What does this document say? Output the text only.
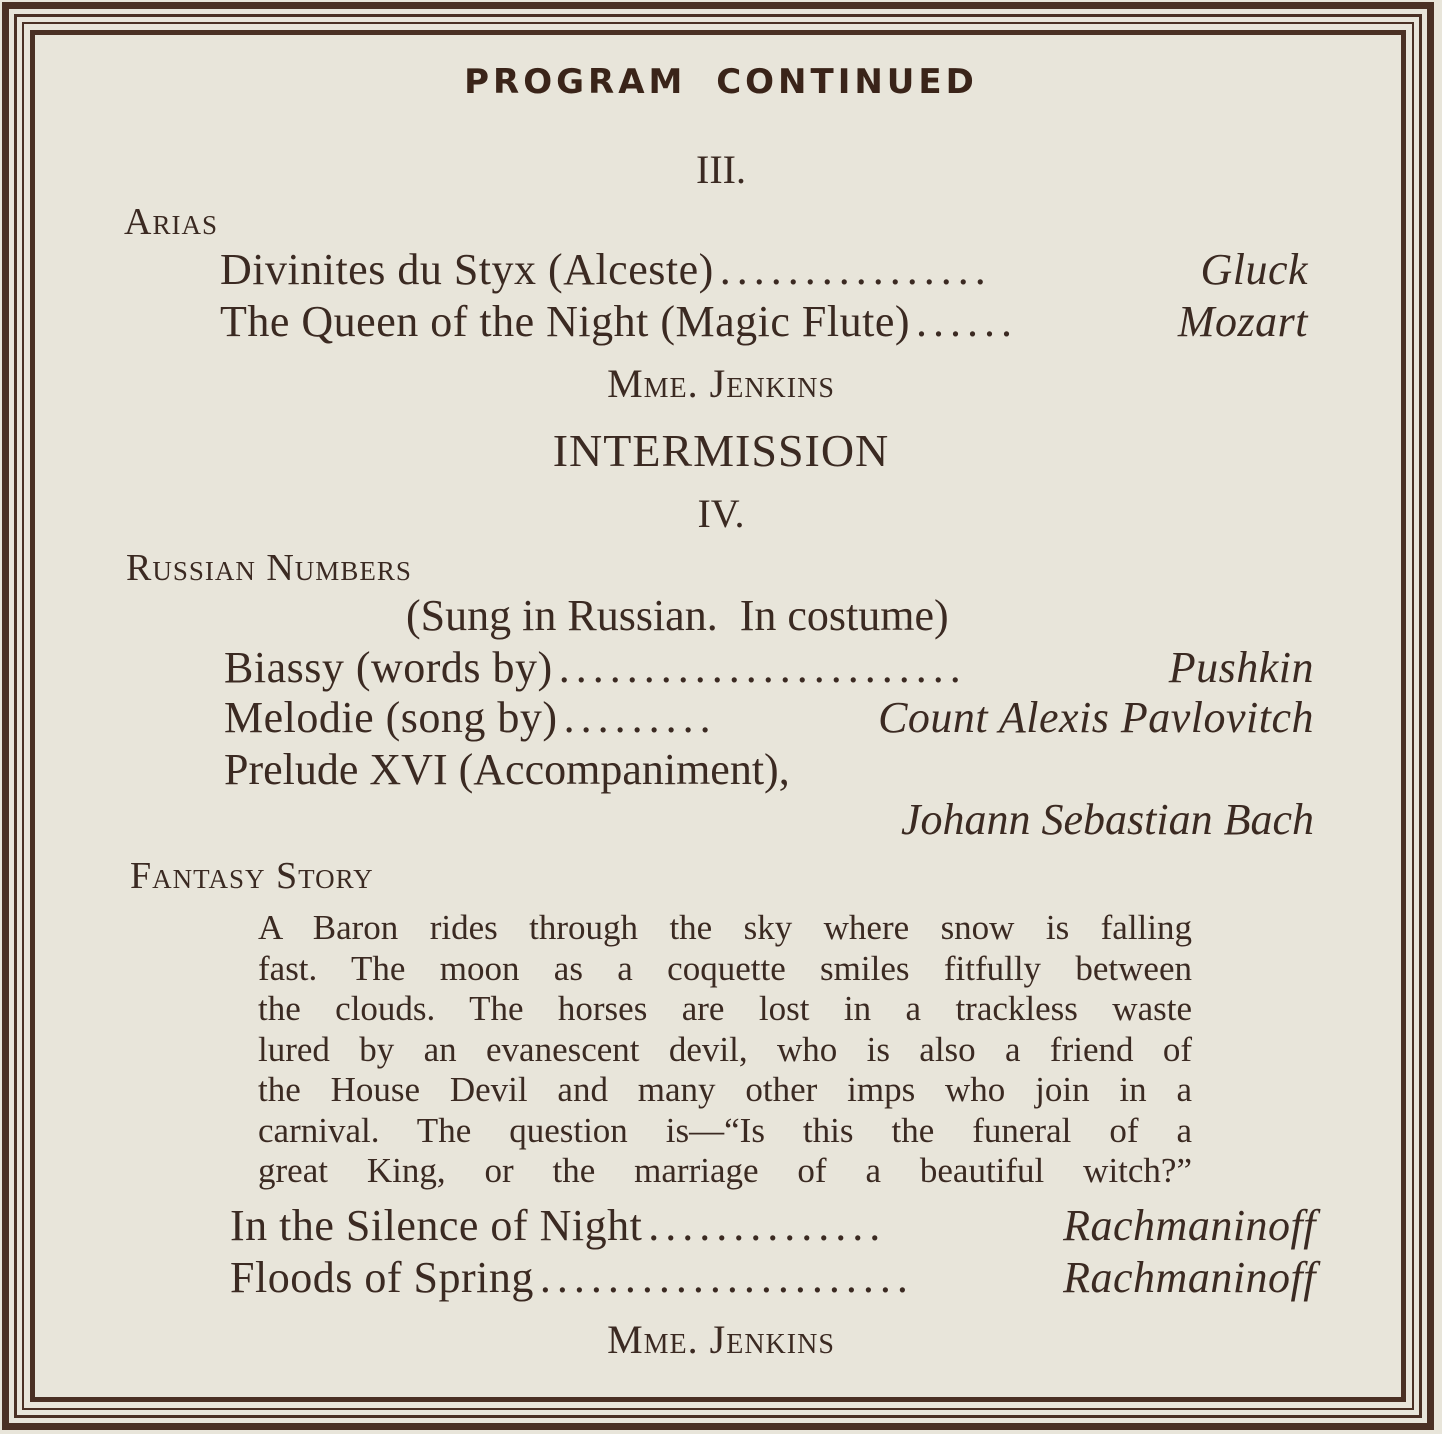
PROGRAM CONTINUED
III.
Arias
Divinites du Styx (Alceste) ................	Gluck
The Queen of the Night (Magic Flute) ......	Mozart
Mme. Jenkins
INTERMISSION
IV.
Russian Numbers
(Sung in Russian.  In costume)
Biassy (words by) ........................	Pushkin
Melodie (song by) .........	Count Alexis Pavlovitch
Prelude XVI (Accompaniment),
Johann Sebastian Bach
Fantasy Story
A Baron rides through the sky where snow is falling
fast. The moon as a coquette smiles fitfully between
the clouds. The horses are lost in a trackless waste
lured by an evanescent devil, who is also a friend of
the House Devil and many other imps who join in a
carnival. The question is—“Is this the funeral of a
great King, or the marriage of a beautiful witch?”
In the Silence of Night ..............	Rachmaninoff
Floods of Spring ......................	Rachmaninoff
Mme. Jenkins
